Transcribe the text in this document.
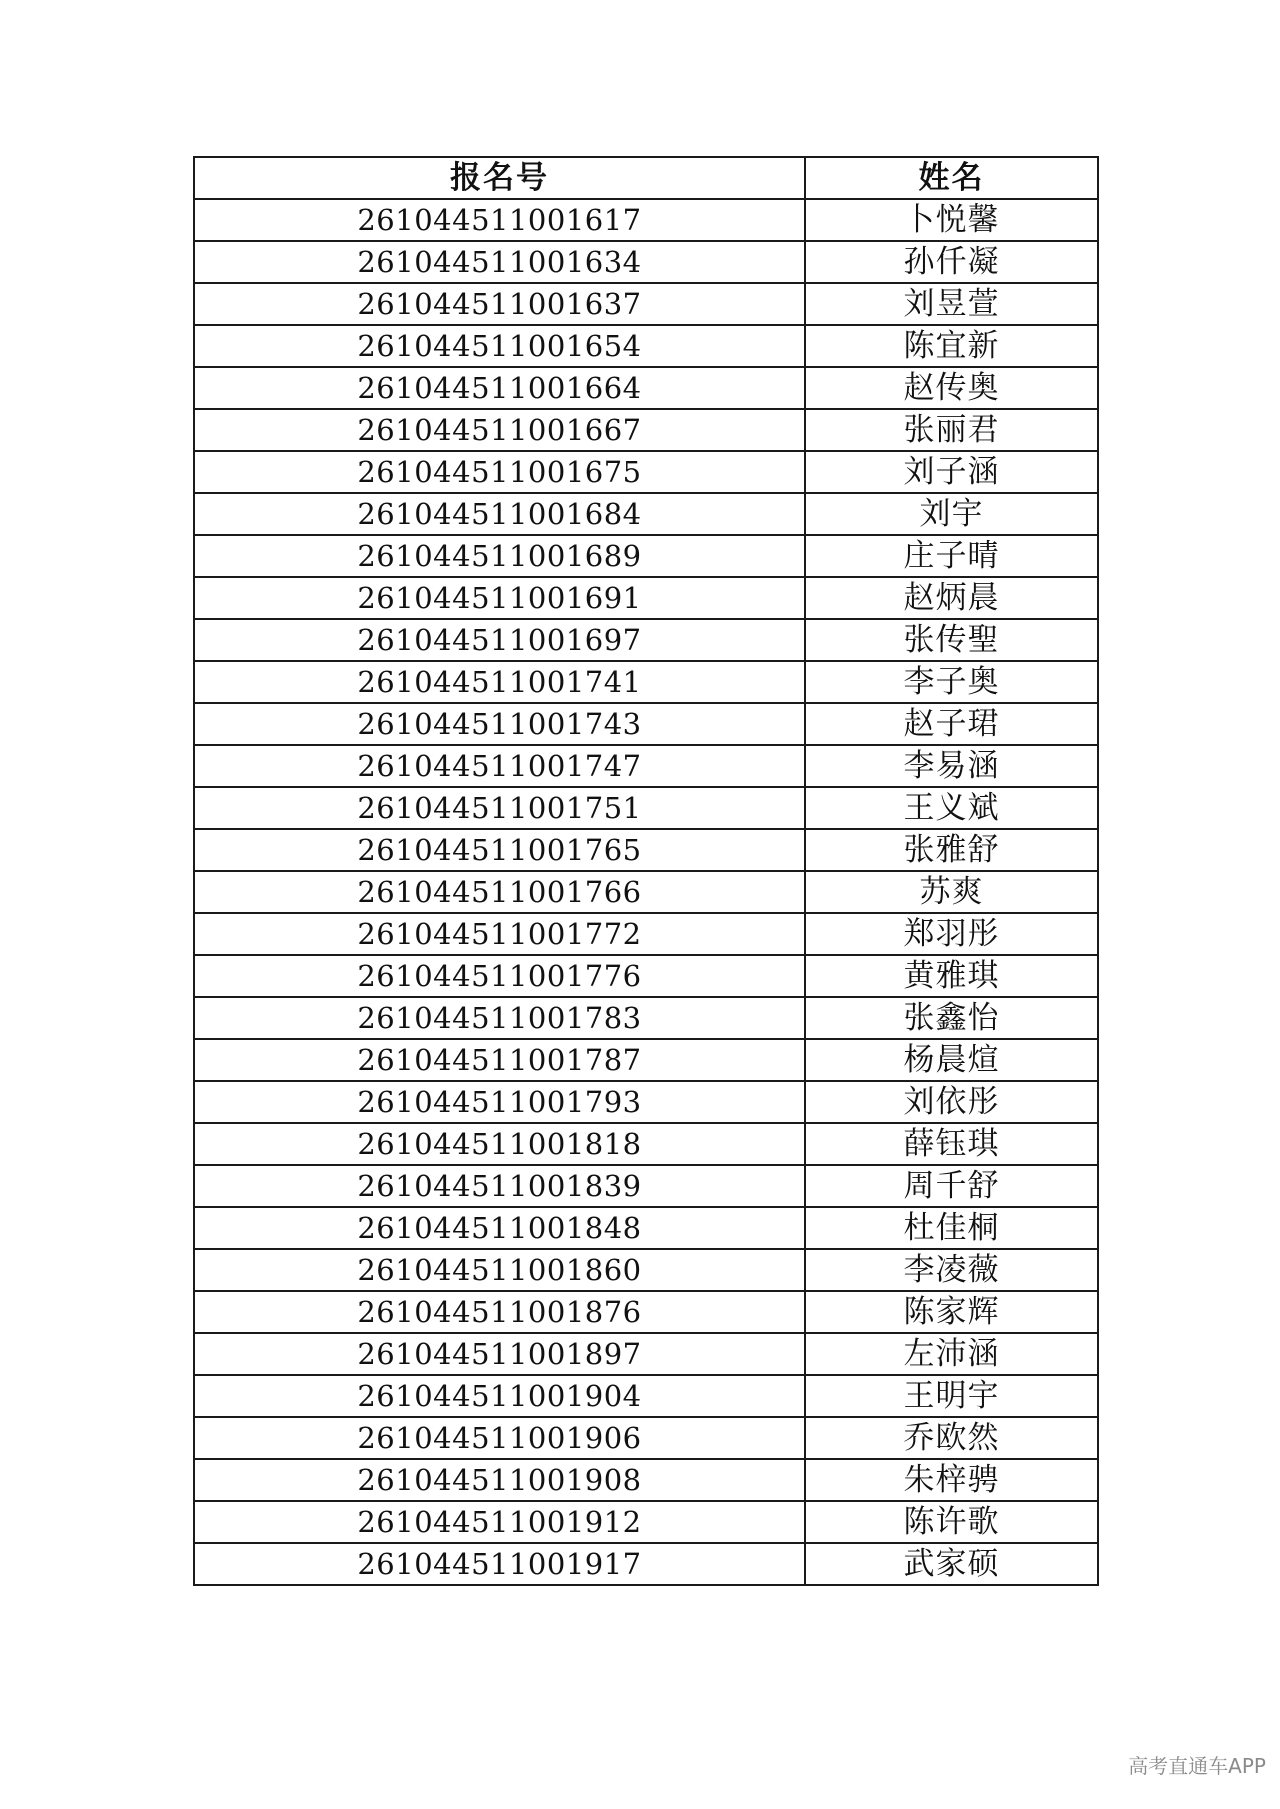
报名号	姓名
261044511001617	卜悦馨
261044511001634	孙仟凝
261044511001637	刘昱萱
261044511001654	陈宜新
261044511001664	赵传奥
261044511001667	张丽君
261044511001675	刘子涵
261044511001684	刘宇
261044511001689	庄子晴
261044511001691	赵炳晨
261044511001697	张传聖
261044511001741	李子奥
261044511001743	赵子珺
261044511001747	李易涵
261044511001751	王义斌
261044511001765	张雅舒
261044511001766	苏爽
261044511001772	郑羽彤
261044511001776	黄雅琪
261044511001783	张鑫怡
261044511001787	杨晨煊
261044511001793	刘依彤
261044511001818	薛钰琪
261044511001839	周千舒
261044511001848	杜佳桐
261044511001860	李凌薇
261044511001876	陈家辉
261044511001897	左沛涵
261044511001904	王明宇
261044511001906	乔欧然
261044511001908	朱梓骋
261044511001912	陈许歌
261044511001917	武家硕
高考直通车APP
